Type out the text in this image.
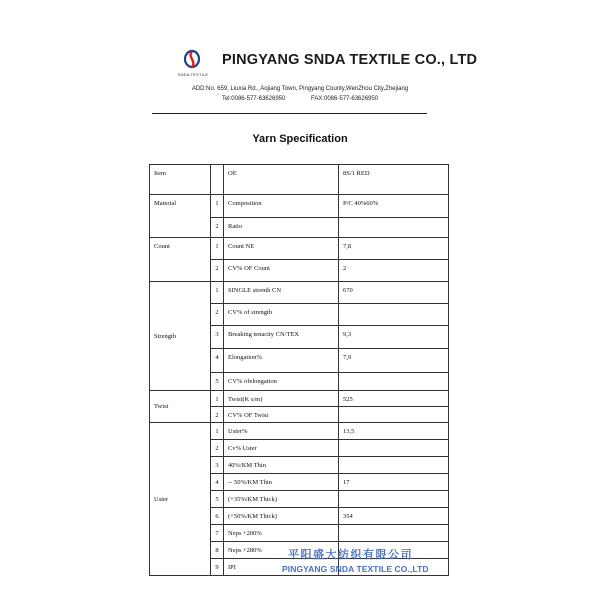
SNDA TEXTILE
PINGYANG SNDA TEXTILE CO., LTD
ADD:No. 659, Liuxia Rd., Aojiang Town, Pingyang County,WenZhou City,Zhejiang
Tel:0086-577-63626950	FAX:0086-577-63626950
Yarn Specification
Item		OE	8S/1 RED
Material	1	Composition	P/C 40%60%
	2	Ratio	
Count	1	Count NE	7,8
	2	CV% OF Count	2
Strength	1	SINGLE strenth CN	670
	2	CV% of strength	
	3	Breaking tenacity CN/TEX	9,3
	4	Elongation%	7,9
	5	CV% ofelongation	
Twist	1	Twist(K s/m)	525
	2	CV% OF Twist	
Uster	1	Uster%	13,5
	2	Cv% Uster	
	3	40%/KM Thin	
	4	-- 50%/KM Thin	17
	5	(+35%/KM Thick)	
	6	(+50%/KM Thick)	354
	7	Neps +200%	
	8	Neps +280%	
	9	IPI	
平阳盛大纺织有限公司
PINGYANG SNDA TEXTILE CO.,LTD
